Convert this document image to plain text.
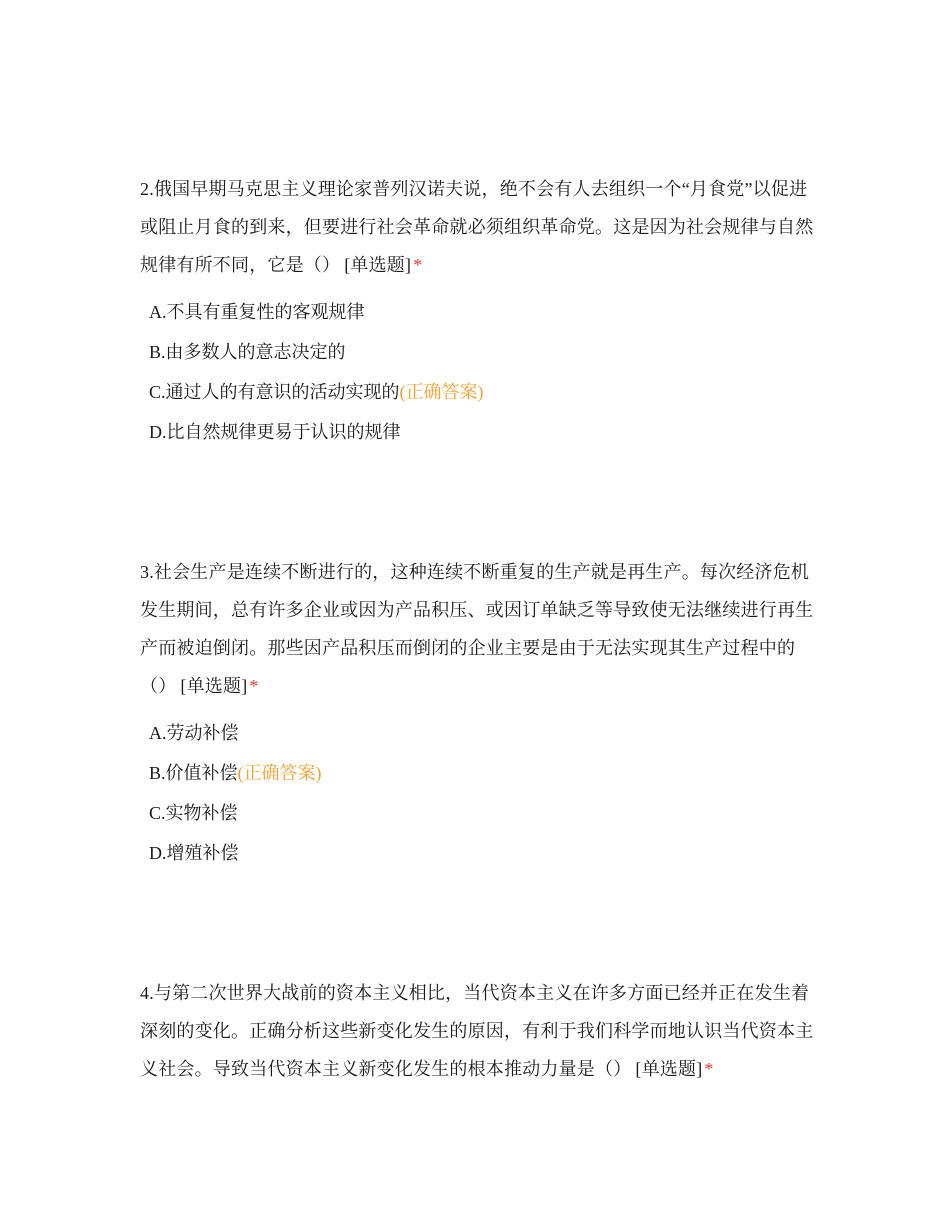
2.俄国早期马克思主义理论家普列汉诺夫说，绝不会有人去组织一个“月食党”以促进或阻止月食的到来，但要进行社会革命就必须组织革命党。这是因为社会规律与自然规律有所不同，它是（） [单选题] *

A.不具有重复性的客观规律
B.由多数人的意志决定的
C.通过人的有意识的活动实现的(正确答案)
D.比自然规律更易于认识的规律

3.社会生产是连续不断进行的，这种连续不断重复的生产就是再生产。每次经济危机发生期间，总有许多企业或因为产品积压、或因订单缺乏等导致使无法继续进行再生产而被迫倒闭。那些因产品积压而倒闭的企业主要是由于无法实现其生产过程中的（） [单选题] *

A.劳动补偿
B.价值补偿(正确答案)
C.实物补偿
D.增殖补偿

4.与第二次世界大战前的资本主义相比，当代资本主义在许多方面已经并正在发生着深刻的变化。正确分析这些新变化发生的原因，有利于我们科学而地认识当代资本主义社会。导致当代资本主义新变化发生的根本推动力量是（） [单选题] *
